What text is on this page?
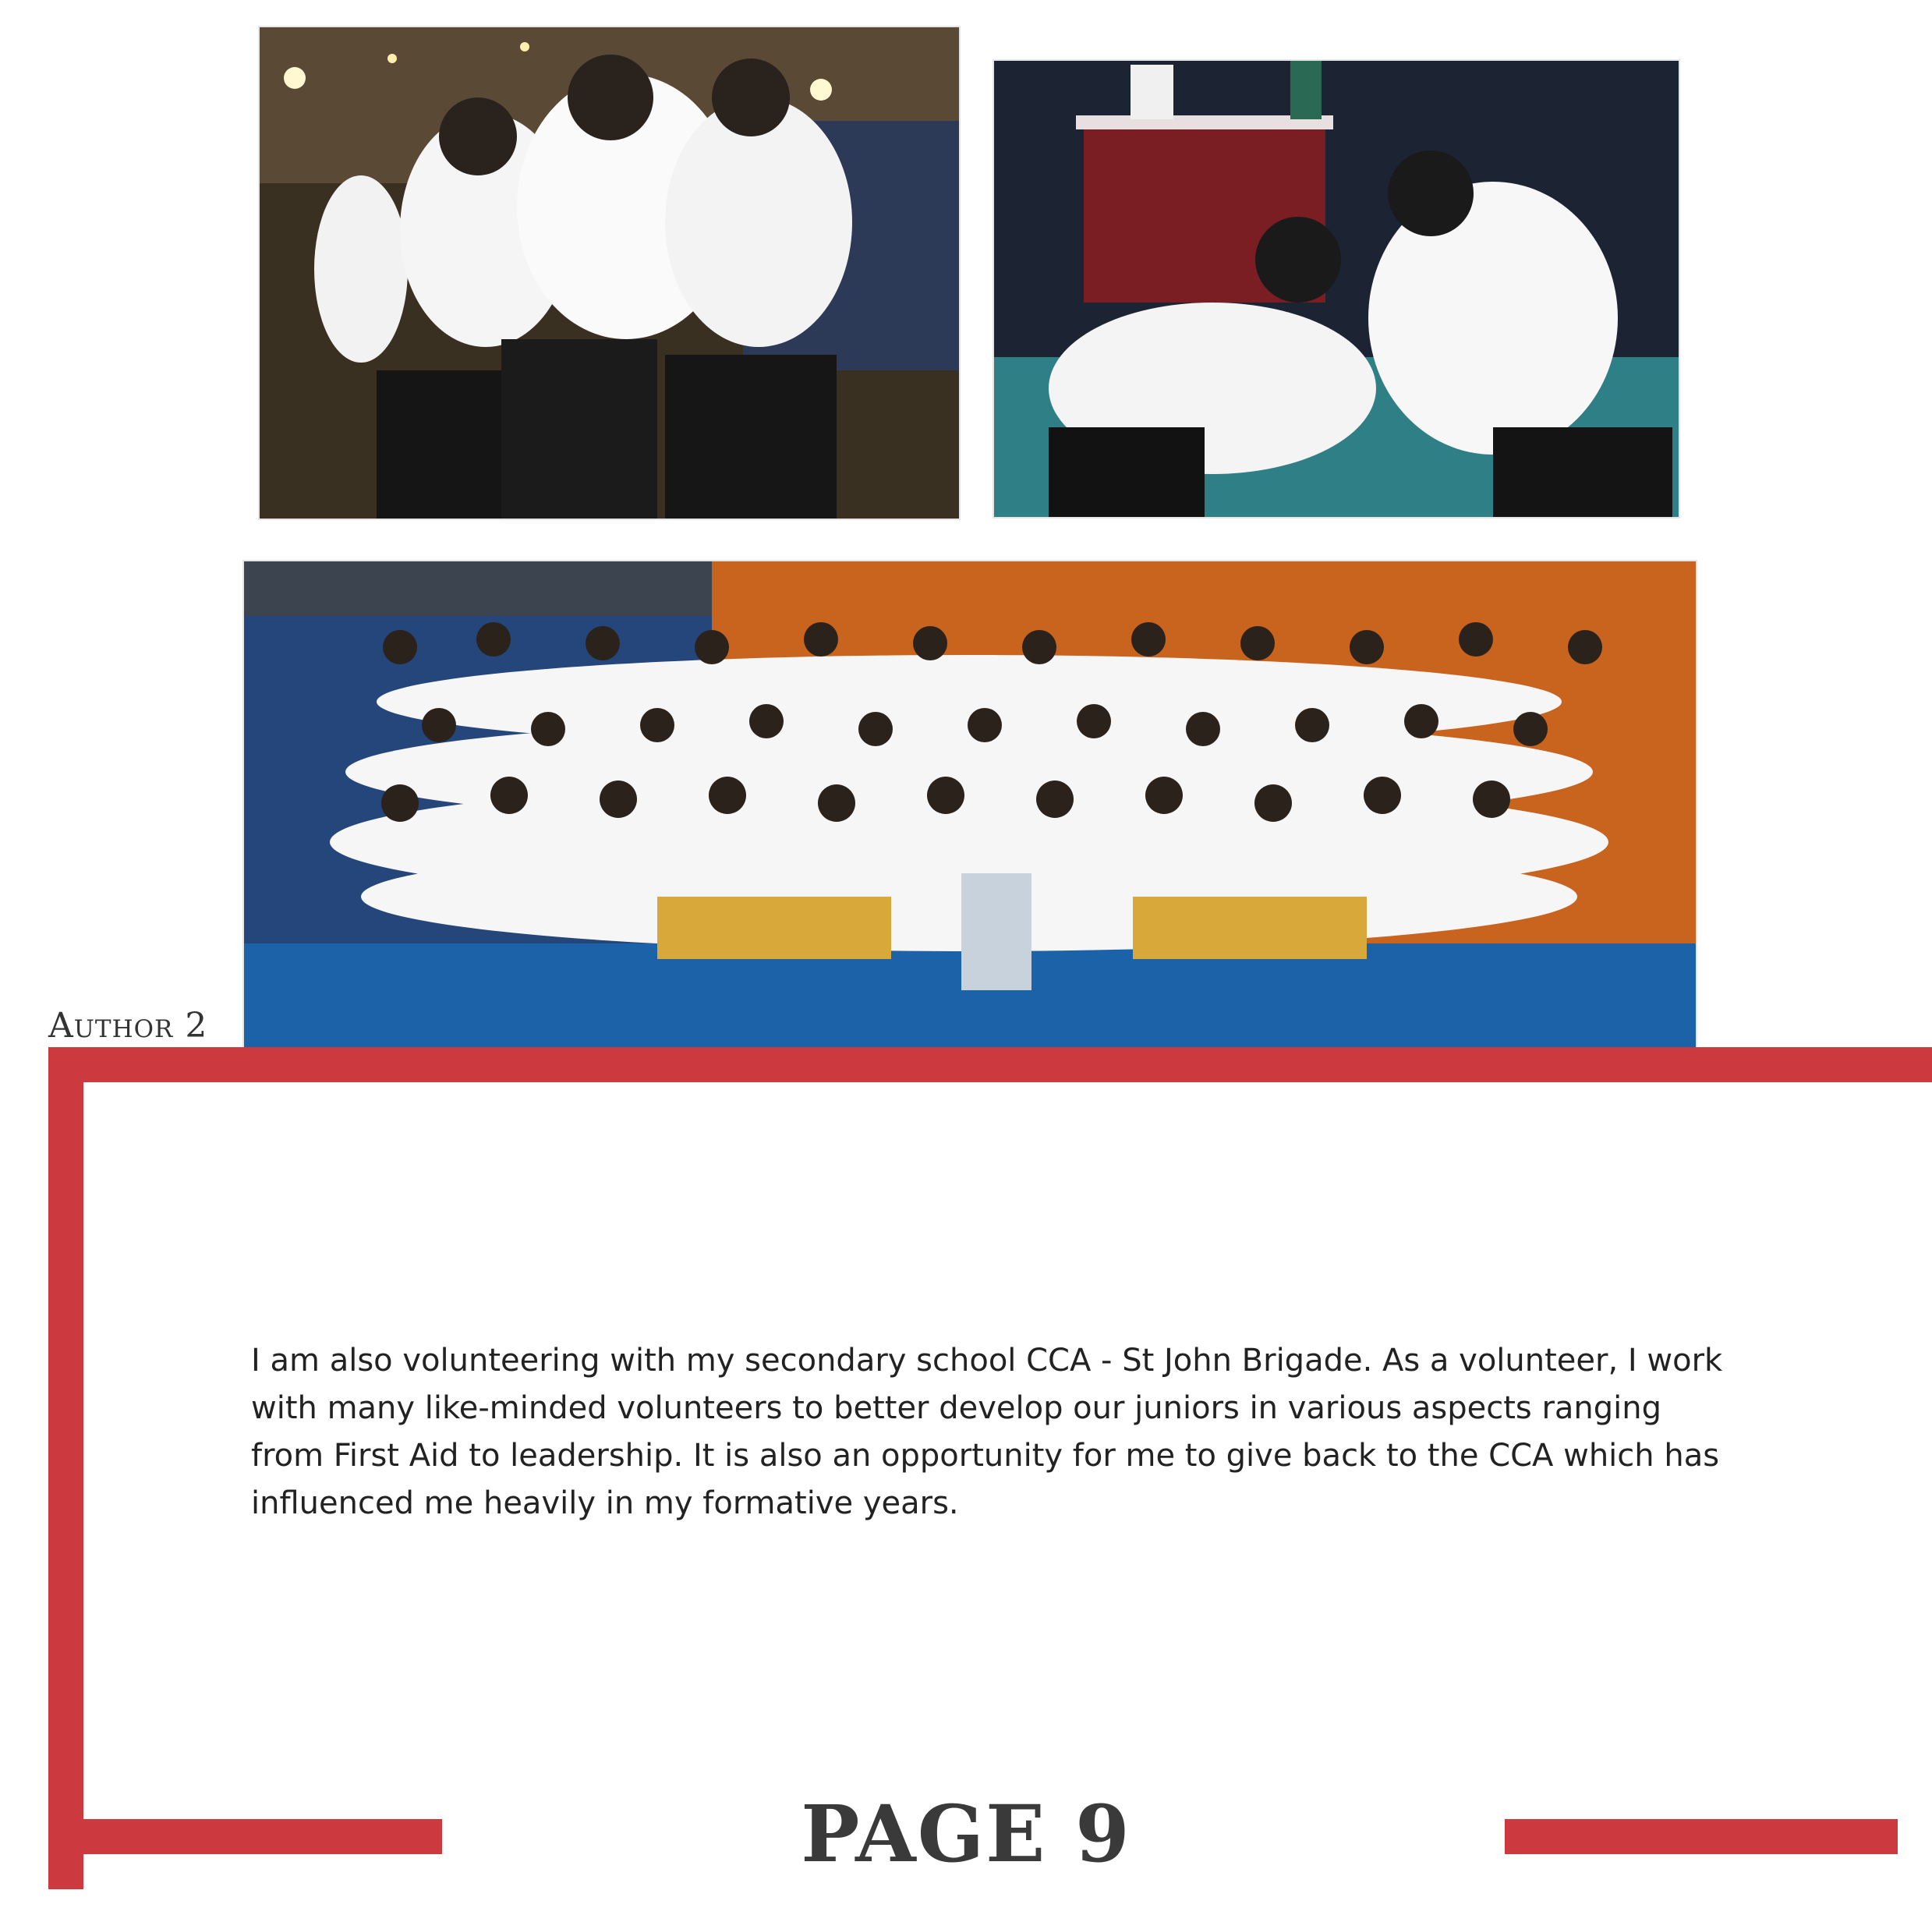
Author 2

I am also volunteering with my secondary school CCA - St John Brigade. As a volunteer, I work with many like-minded volunteers to better develop our juniors in various aspects ranging from First Aid to leadership. It is also an opportunity for me to give back to the CCA which has influenced me heavily in my formative years.

PAGE 9
